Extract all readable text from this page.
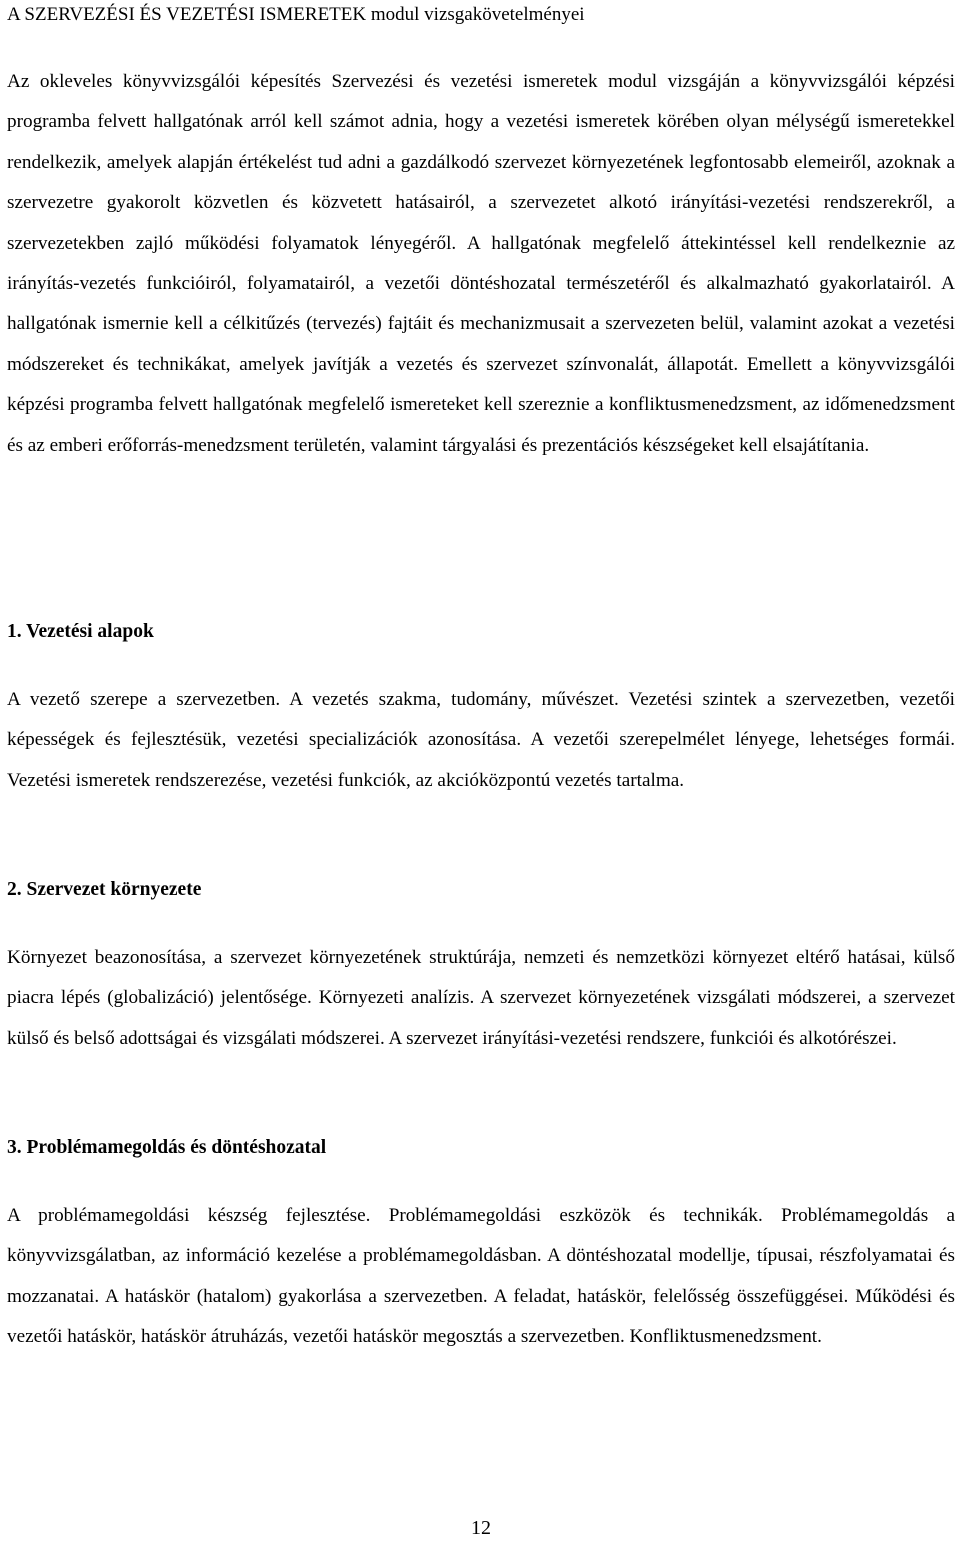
A SZERVEZÉSI ÉS VEZETÉSI ISMERETEK modul vizsgakövetelményei

Az okleveles könyvvizsgálói képesítés Szervezési és vezetési ismeretek modul vizsgáján a könyvvizsgálói képzési programba felvett hallgatónak arról kell számot adnia, hogy a vezetési ismeretek körében olyan mélységű ismeretekkel rendelkezik, amelyek alapján értékelést tud adni a gazdálkodó szervezet környezetének legfontosabb elemeiről, azoknak a szervezetre gyakorolt közvetlen és közvetett hatásairól, a szervezetet alkotó irányítási-vezetési rendszerekről, a szervezetekben zajló működési folyamatok lényegéről. A hallgatónak megfelelő áttekintéssel kell rendelkeznie az irányítás-vezetés funkcióiról, folyamatairól, a vezetői döntéshozatal természetéről és alkalmazható gyakorlatairól. A hallgatónak ismernie kell a célkitűzés (tervezés) fajtáit és mechanizmusait a szervezeten belül, valamint azokat a vezetési módszereket és technikákat, amelyek javítják a vezetés és szervezet színvonalát, állapotát. Emellett a könyvvizsgálói képzési programba felvett hallgatónak megfelelő ismereteket kell szereznie a konfliktusmenedzsment, az időmenedzsment és az emberi erőforrás-menedzsment területén, valamint tárgyalási és prezentációs készségeket kell elsajátítania.

1. Vezetési alapok

A vezető szerepe a szervezetben. A vezetés szakma, tudomány, művészet. Vezetési szintek a szervezetben, vezetői képességek és fejlesztésük, vezetési specializációk azonosítása. A vezetői szerepelmélet lényege, lehetséges formái. Vezetési ismeretek rendszerezése, vezetési funkciók, az akcióközpontú vezetés tartalma.

2. Szervezet környezete

Környezet beazonosítása, a szervezet környezetének struktúrája, nemzeti és nemzetközi környezet eltérő hatásai, külső piacra lépés (globalizáció) jelentősége. Környezeti analízis. A szervezet környezetének vizsgálati módszerei, a szervezet külső és belső adottságai és vizsgálati módszerei. A szervezet irányítási-vezetési rendszere, funkciói és alkotórészei.

3. Problémamegoldás és döntéshozatal

A problémamegoldási készség fejlesztése. Problémamegoldási eszközök és technikák. Problémamegoldás a könyvvizsgálatban, az információ kezelése a problémamegoldásban. A döntéshozatal modellje, típusai, részfolyamatai és mozzanatai. A hatáskör (hatalom) gyakorlása a szervezetben. A feladat, hatáskör, felelősség összefüggései. Működési és vezetői hatáskör, hatáskör átruházás, vezetői hatáskör megosztás a szervezetben. Konfliktusmenedzsment.

12
